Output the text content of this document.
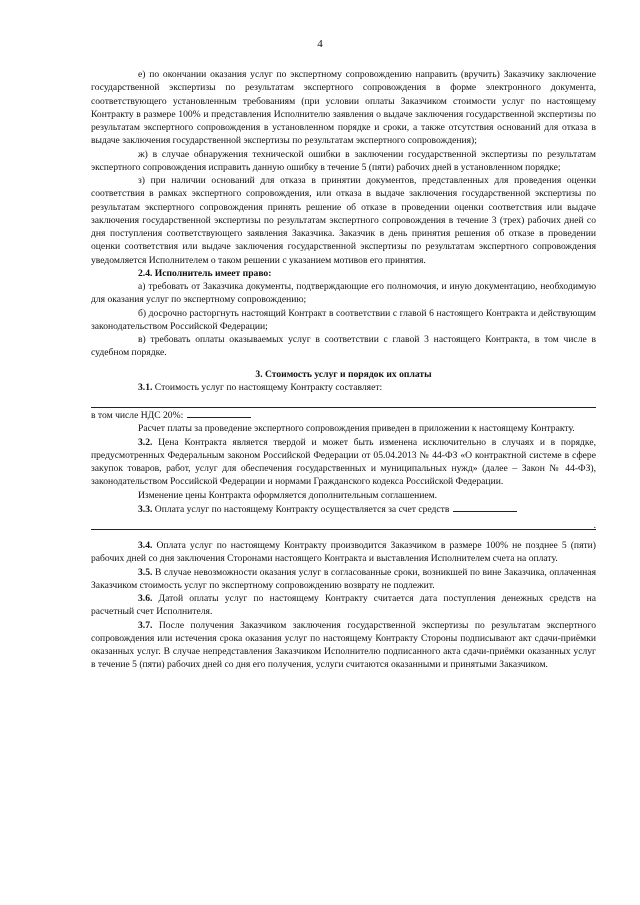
4

е) по окончании оказания услуг по экспертному сопровождению направить (вручить) Заказчику заключение государственной экспертизы по результатам экспертного сопровождения в форме электронного документа, соответствующего установленным требованиям (при условии оплаты Заказчиком стоимости услуг по настоящему Контракту в размере 100% и представления Исполнителю заявления о выдаче заключения государственной экспертизы по результатам экспертного сопровождения в установленном порядке и сроки, а также отсутствия оснований для отказа в выдаче заключения государственной экспертизы по результатам экспертного сопровождения);

ж) в случае обнаружения технической ошибки в заключении государственной экспертизы по результатам экспертного сопровождения исправить данную ошибку в течение 5 (пяти) рабочих дней в установленном порядке;

з) при наличии оснований для отказа в принятии документов, представленных для проведения оценки соответствия в рамках экспертного сопровождения, или отказа в выдаче заключения государственной экспертизы по результатам экспертного сопровождения принять решение об отказе в проведении оценки соответствия или выдаче заключения государственной экспертизы по результатам экспертного сопровождения в течение 3 (трех) рабочих дней со дня поступления соответствующего заявления Заказчика. Заказчик в день принятия решения об отказе в проведении оценки соответствия или выдаче заключения государственной экспертизы по результатам экспертного сопровождения уведомляется Исполнителем о таком решении с указанием мотивов его принятия.

2.4. Исполнитель имеет право:

а) требовать от Заказчика документы, подтверждающие его полномочия, и иную документацию, необходимую для оказания услуг по экспертному сопровождению;

б) досрочно расторгнуть настоящий Контракт в соответствии с главой 6 настоящего Контракта и действующим законодательством Российской Федерации;

в) требовать оплаты оказываемых услуг в соответствии с главой 3 настоящего Контракта, в том числе в судебном порядке.

3. Стоимость услуг и порядок их оплаты

3.1. Стоимость услуг по настоящему Контракту составляет:

в том числе НДС 20%:

Расчет платы за проведение экспертного сопровождения приведен в приложении к настоящему Контракту.

3.2. Цена Контракта является твердой и может быть изменена исключительно в случаях и в порядке, предусмотренных Федеральным законом Российской Федерации от 05.04.2013 № 44-ФЗ «О контрактной системе в сфере закупок товаров, работ, услуг для обеспечения государственных и муниципальных нужд» (далее – Закон № 44-ФЗ), законодательством Российской Федерации и нормами Гражданского кодекса Российской Федерации.

Изменение цены Контракта оформляется дополнительным соглашением.

3.3. Оплата услуг по настоящему Контракту осуществляется за счет средств

.

3.4. Оплата услуг по настоящему Контракту производится Заказчиком в размере 100% не позднее 5 (пяти) рабочих дней со дня заключения Сторонами настоящего Контракта и выставления Исполнителем счета на оплату.

3.5. В случае невозможности оказания услуг в согласованные сроки, возникшей по вине Заказчика, оплаченная Заказчиком стоимость услуг по экспертному сопровождению возврату не подлежит.

3.6. Датой оплаты услуг по настоящему Контракту считается дата поступления денежных средств на расчетный счет Исполнителя.

3.7. После получения Заказчиком заключения государственной экспертизы по результатам экспертного сопровождения или истечения срока оказания услуг по настоящему Контракту Стороны подписывают акт сдачи-приёмки оказанных услуг. В случае непредставления Заказчиком Исполнителю подписанного акта сдачи-приёмки оказанных услуг в течение 5 (пяти) рабочих дней со дня его получения, услуги считаются оказанными и принятыми Заказчиком.
